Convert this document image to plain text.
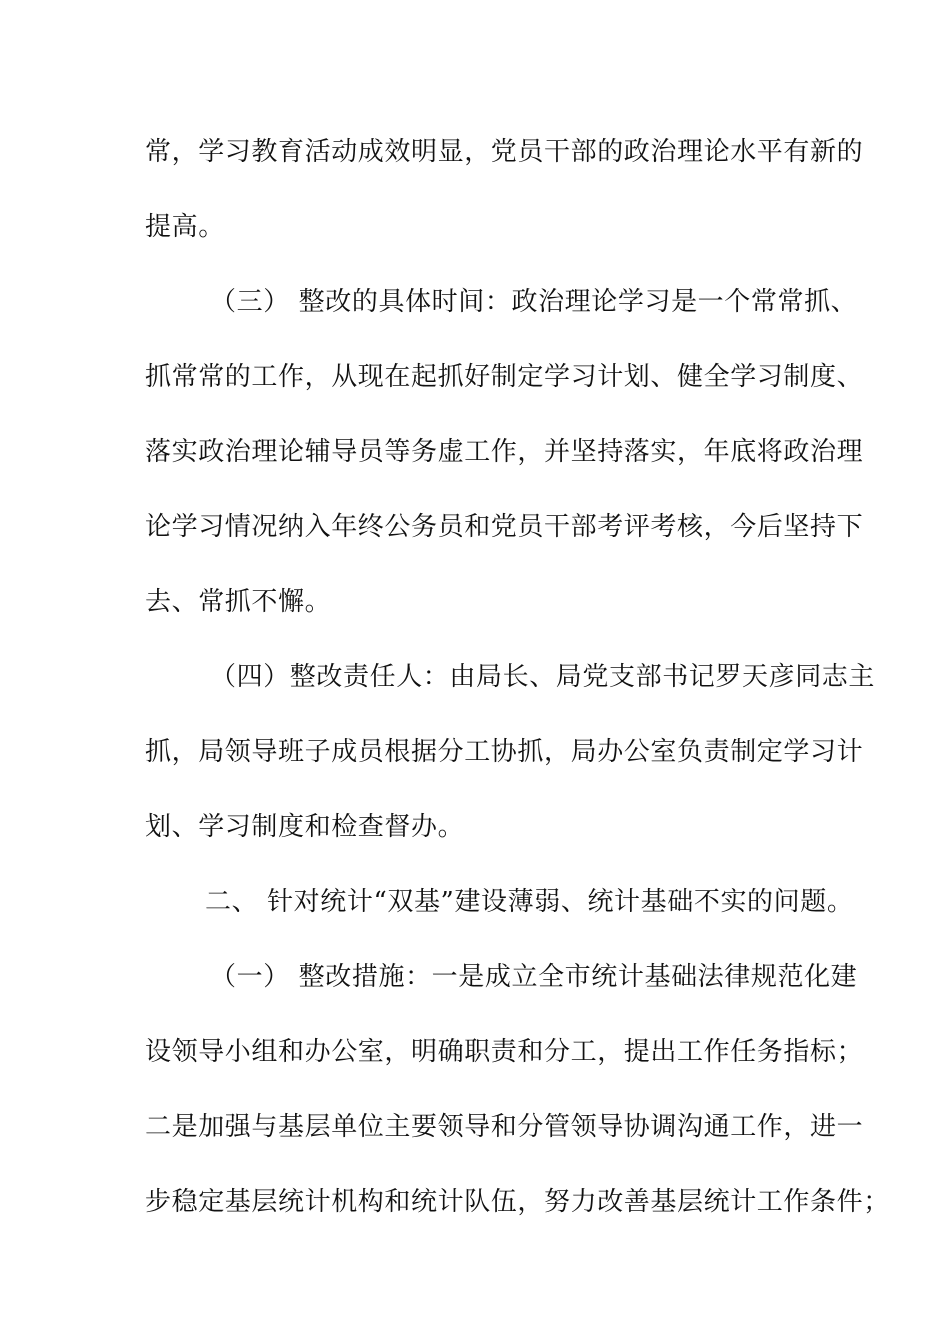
常，学习教育活动成效明显，党员干部的政治理论水平有新的
提高。
（三） 整改的具体时间：政治理论学习是一个常常抓、
抓常常的工作，从现在起抓好制定学习计划、健全学习制度、
落实政治理论辅导员等务虚工作，并坚持落实，年底将政治理
论学习情况纳入年终公务员和党员干部考评考核，今后坚持下
去、常抓不懈。
（四）整改责任人：由局长、局党支部书记罗天彦同志主
抓，局领导班子成员根据分工协抓，局办公室负责制定学习计
划、学习制度和检查督办。
二、 针对统计“双基”建设薄弱、统计基础不实的问题。
（一） 整改措施：一是成立全市统计基础法律规范化建
设领导小组和办公室，明确职责和分工，提出工作任务指标；
二是加强与基层单位主要领导和分管领导协调沟通工作，进一
步稳定基层统计机构和统计队伍，努力改善基层统计工作条件；
